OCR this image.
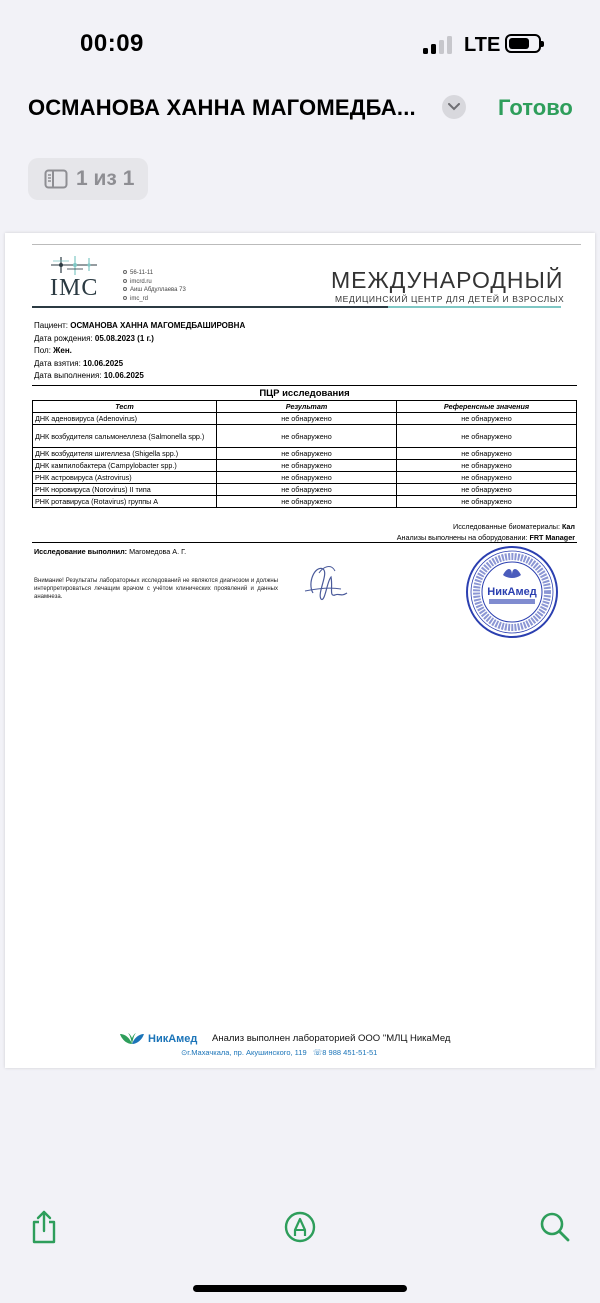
00:09	LTE
ОСМАНОВА ХАННА МАГОМЕДБА...	Готово
1 из 1
IMC
56-11-11
imcrd.ru
Аиш Абдуллаева 73
imc_rd
МЕЖДУНАРОДНЫЙ
МЕДИЦИНСКИЙ ЦЕНТР ДЛЯ ДЕТЕЙ И ВЗРОСЛЫХ
Пациент: ОСМАНОВА ХАННА МАГОМЕДБАШИРОВНА
Дата рождения: 05.08.2023 (1 г.)
Пол: Жен.
Дата взятия: 10.06.2025
Дата выполнения: 10.06.2025
ПЦР исследования
Тест	Результат	Референсные значения
ДНК аденовируса (Adenovirus)	не обнаружено	не обнаружено
ДНК возбудителя сальмонеллеза (Salmonella spp.)	не обнаружено	не обнаружено
ДНК возбудителя шигеллеза (Shigella spp.)	не обнаружено	не обнаружено
ДНК кампилобактера (Campylobacter spp.)	не обнаружено	не обнаружено
РНК астровируса (Astrovirus)	не обнаружено	не обнаружено
РНК норовируса (Norovirus) II типа	не обнаружено	не обнаружено
РНК ротавируса (Rotavirus) группы А	не обнаружено	не обнаружено
Исследованные биоматериалы: Кал
Анализы выполнены на оборудовании: FRT Manager
Исследование выполнил: Магомедова А. Г.
Внимание! Результаты лабораторных исследований не являются диагнозом и должны интерпретироваться лечащим врачом с учётом клинических проявлений и данных анамнеза.	НикАмед
НикАмед Анализ выполнен лабораторией ООО "МЛЦ НикаМед
⊙г.Махачкала, пр. Акушинского, 119 ☏8 988 451-51-51
